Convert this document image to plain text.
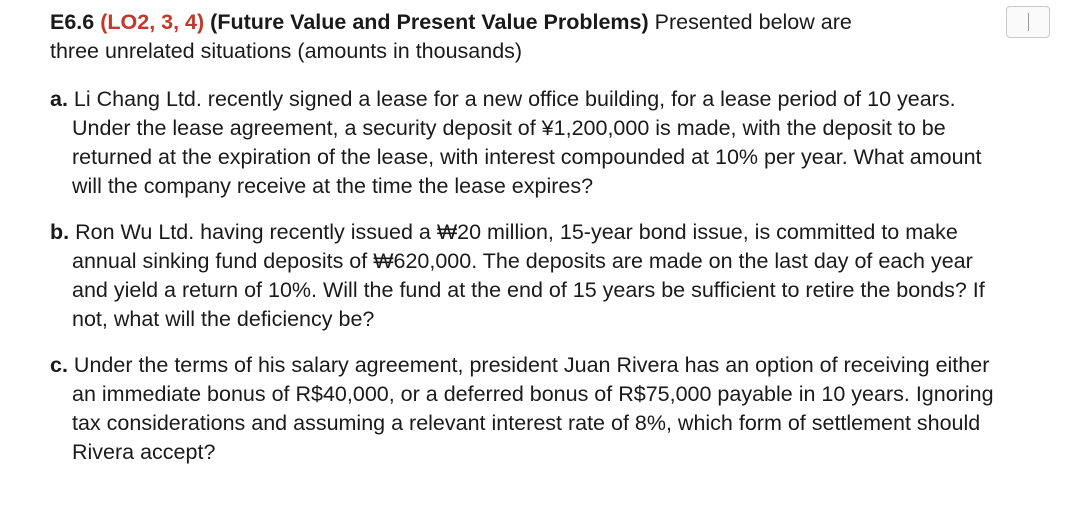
E6.6 (LO2, 3, 4) (Future Value and Present Value Problems) Presented below are
three unrelated situations (amounts in thousands)

a. Li Chang Ltd. recently signed a lease for a new office building, for a lease period of 10 years. Under the lease agreement, a security deposit of ¥1,200,000 is made, with the deposit to be returned at the expiration of the lease, with interest compounded at 10% per year. What amount will the company receive at the time the lease expires?

b. Ron Wu Ltd. having recently issued a ₩20 million, 15-year bond issue, is committed to make annual sinking fund deposits of ₩620,000. The deposits are made on the last day of each year and yield a return of 10%. Will the fund at the end of 15 years be sufficient to retire the bonds? If not, what will the deficiency be?

c. Under the terms of his salary agreement, president Juan Rivera has an option of receiving either an immediate bonus of R$40,000, or a deferred bonus of R$75,000 payable in 10 years. Ignoring tax considerations and assuming a relevant interest rate of 8%, which form of settlement should Rivera accept?
